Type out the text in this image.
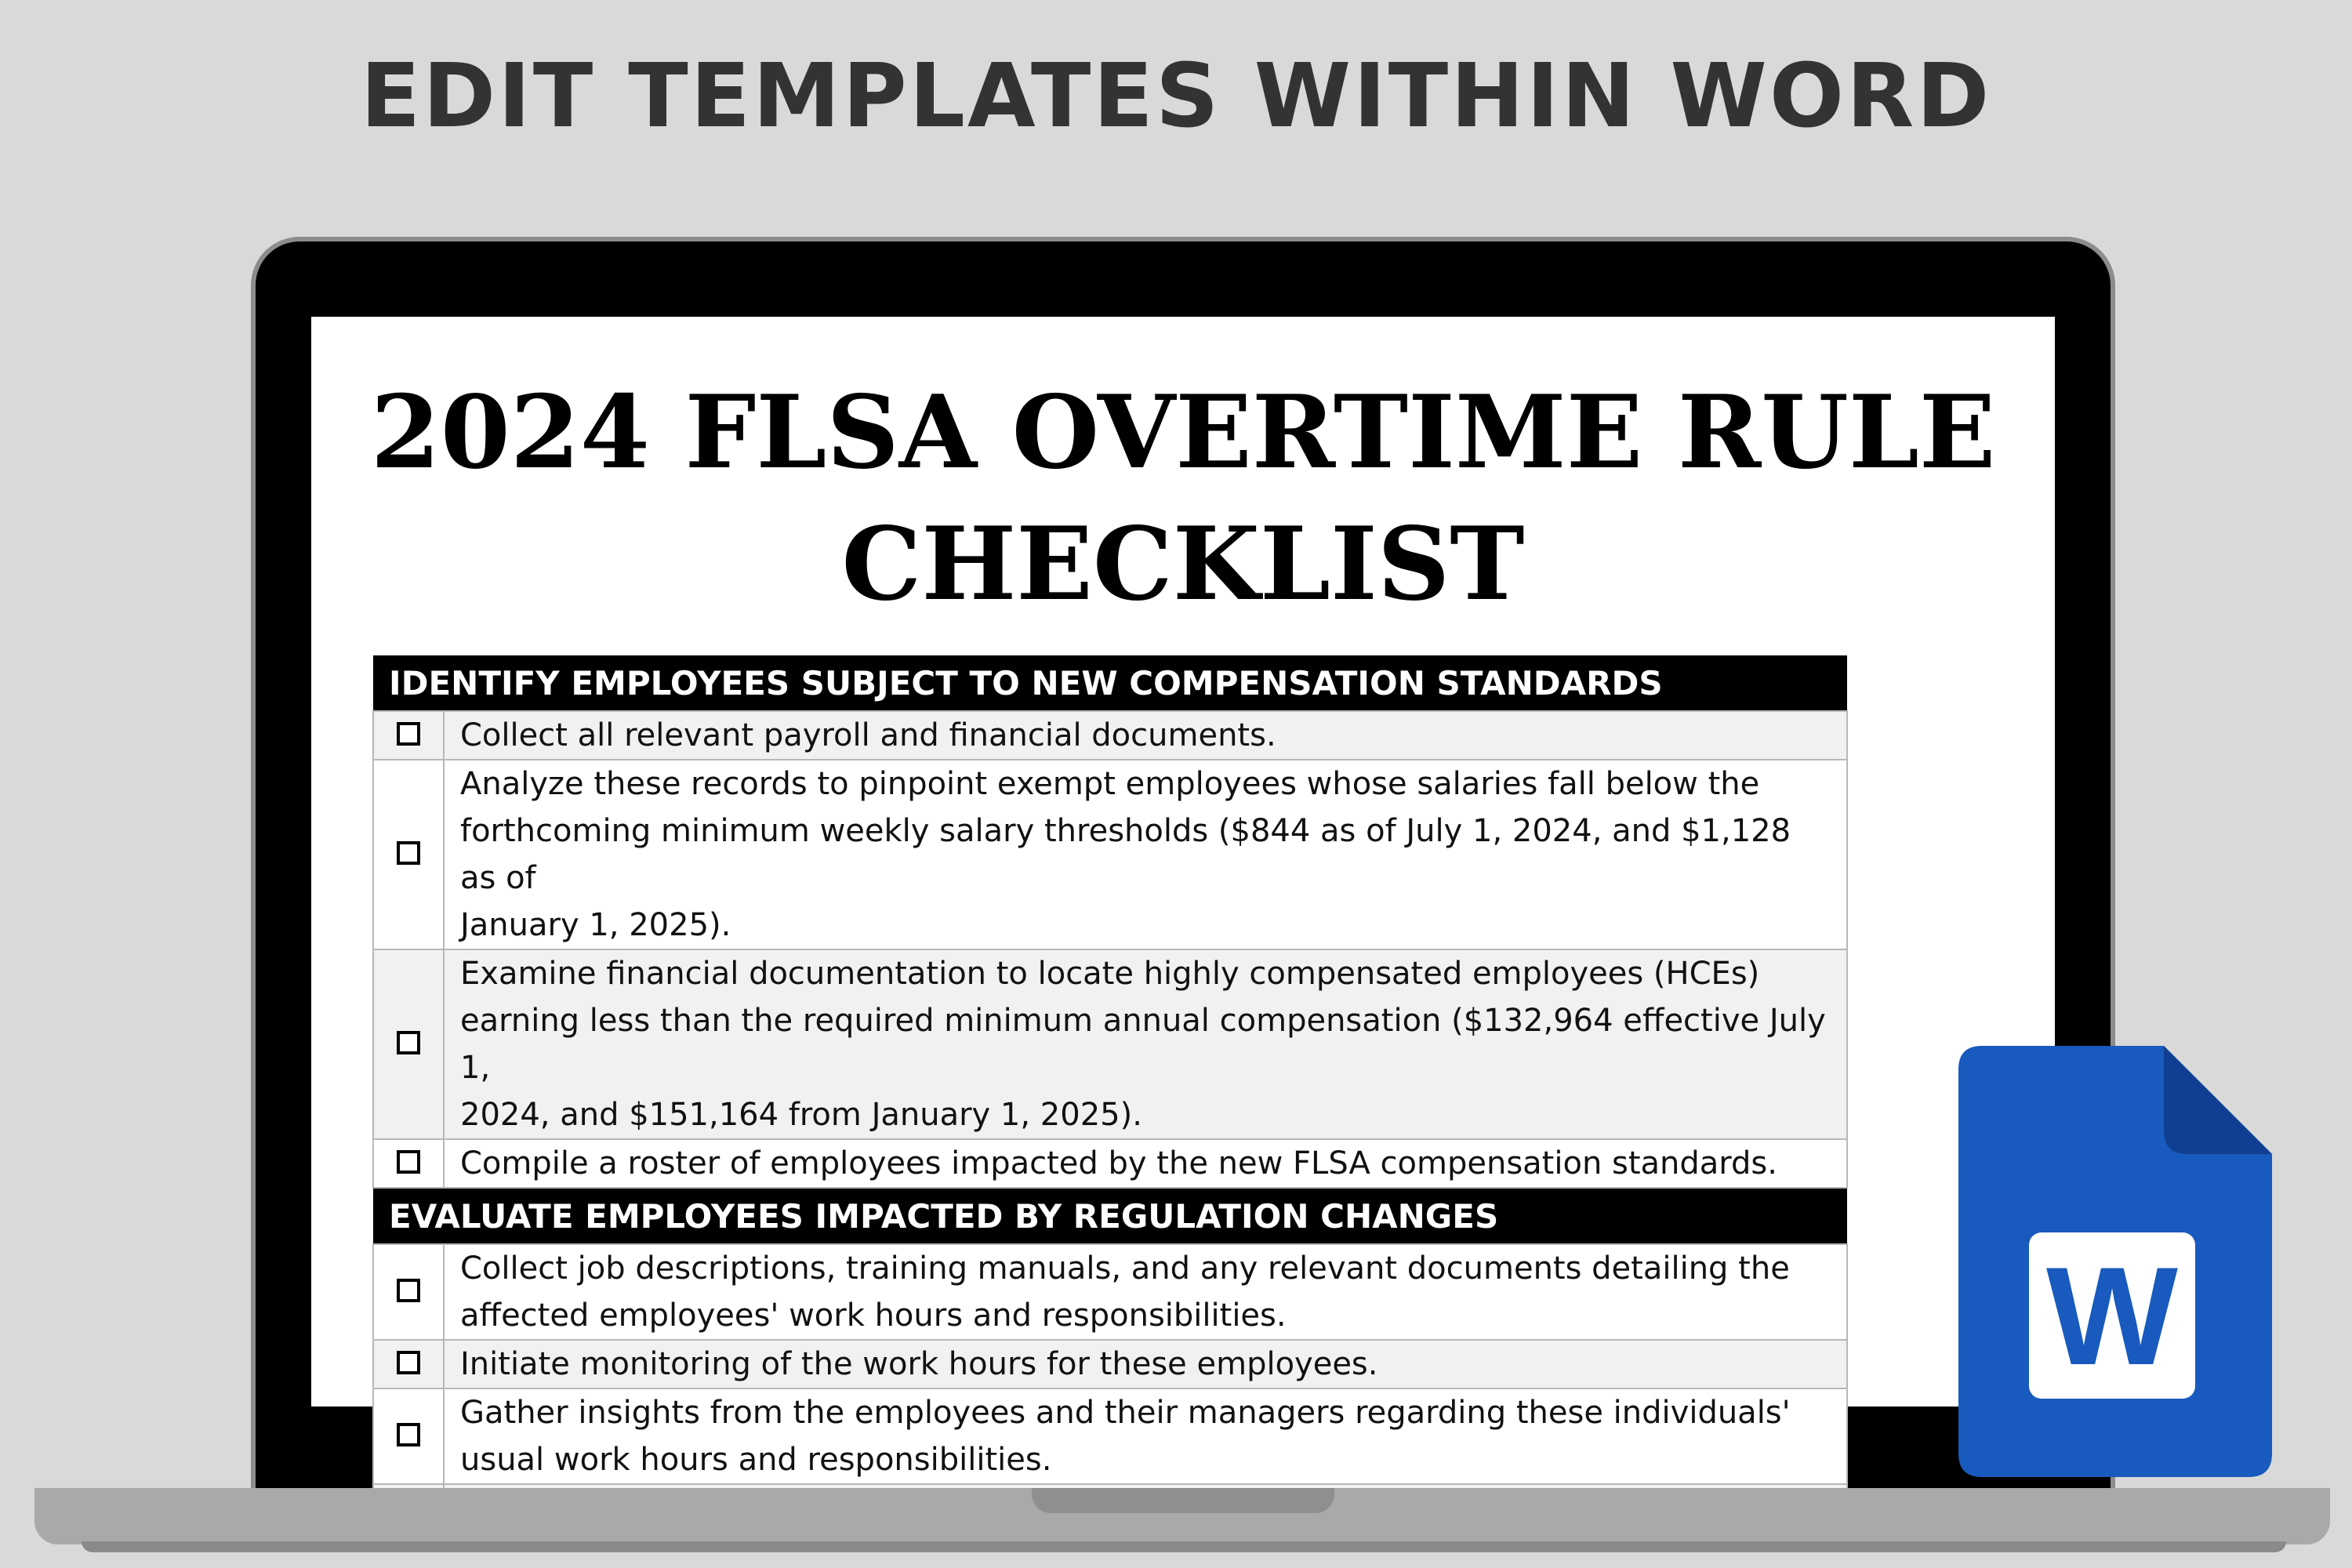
EDIT TEMPLATES WITHIN WORD
2024 FLSA OVERTIME RULE
CHECKLIST
IDENTIFY EMPLOYEES SUBJECT TO NEW COMPENSATION STANDARDS	

	Collect all relevant payroll and financial documents.

	Analyze these records to pinpoint exempt employees whose salaries fall below the
forthcoming minimum weekly salary thresholds ($844 as of July 1, 2024, and $1,128 as of
January 1, 2025).

	Examine financial documentation to locate highly compensated employees (HCEs)
earning less than the required minimum annual compensation ($132,964 effective July 1,
2024, and $151,164 from January 1, 2025).

	Compile a roster of employees impacted by the new FLSA compensation standards.

EVALUATE EMPLOYEES IMPACTED BY REGULATION CHANGES	

	Collect job descriptions, training manuals, and any relevant documents detailing the
affected employees' work hours and responsibilities.

	Initiate monitoring of the work hours for these employees.

	Gather insights from the employees and their managers regarding these individuals'
usual work hours and responsibilities.

W
